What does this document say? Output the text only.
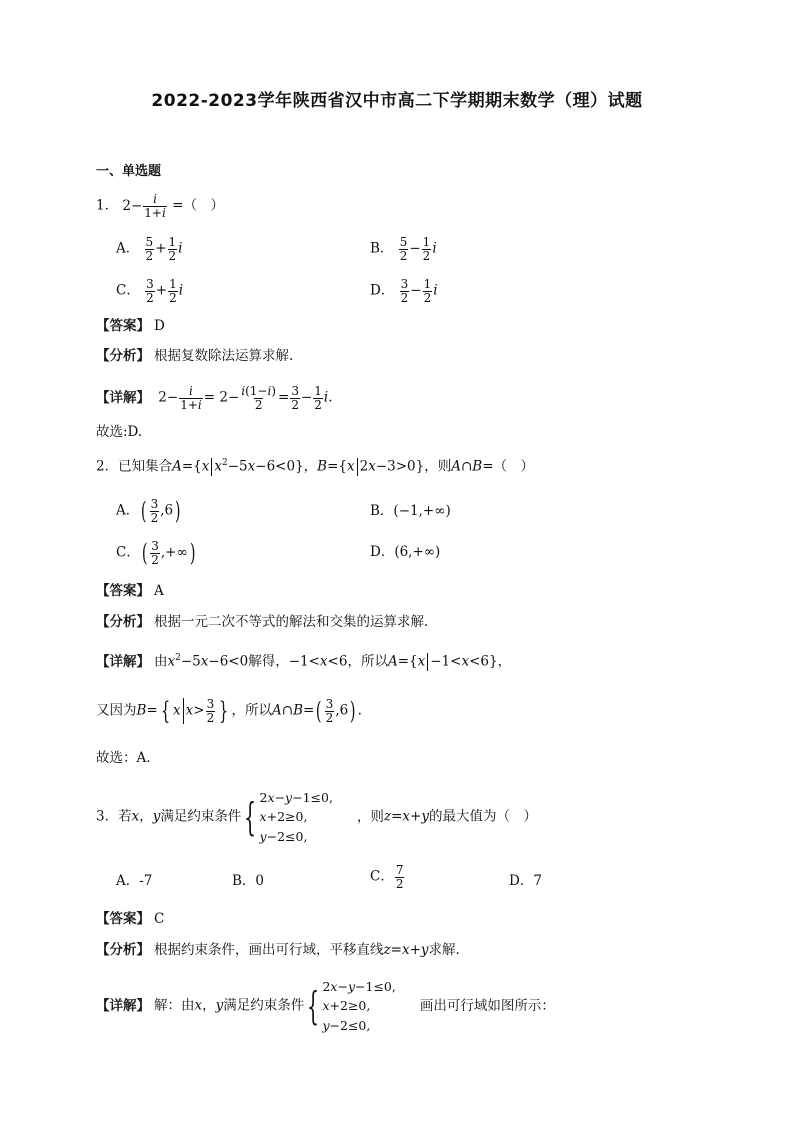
2022-2023学年陕西省汉中市高二下学期期末数学（理）试题
一、单选题
1． $2- \frac{i}{1+i}$ =（　）
A． $\frac{5}{2} + \frac{1}{2}$ i	B． $\frac{5}{2} - \frac{1}{2}$ i
C． $\frac{3}{2} + \frac{1}{2}$ i	D． $\frac{3}{2} - \frac{1}{2}$ i
【答案】 D
【分析】 根据复数除法运算求解.
【详解】 $2- \frac{i}{1+i} = 2- \frac{i(1-i)}{2} = \frac{3}{2} - \frac{1}{2} i$.
故选:D.
2．已知集合A={x $x^2-5x-6<0$}，B={x 2x−3>0}，则A∩B=（　）
A．( $\frac{3}{2} ,6$)	B．(−1,+∞)
C．( $\frac{3}{2}$ ,+∞)	D．(6,+∞)
【答案】 A
【分析】 根据一元二次不等式的解法和交集的运算求解.
【详解】 由$x^2-5x-6<0$解得，−1<x<6，所以A={x −1<x<6}，
又因为B= { x $x> \frac{3}{2}$ } ，所以A∩B=( $\frac{3}{2} ,6$) .
故选：A.
3．若x，y满足约束条件{ 2x−y−1≤0,
x+2≥0,
y−2≤0,
，则z=x+y的最大值为（　）
A．-7	B．0	C． $\frac{7}{2}$	D．7
【答案】 C
【分析】 根据约束条件，画出可行域，平移直线z=x+y求解.
【详解】 解：由x，y满足约束条件{ 2x−y−1≤0,
x+2≥0,
y−2≤0,
画出可行域如图所示：
